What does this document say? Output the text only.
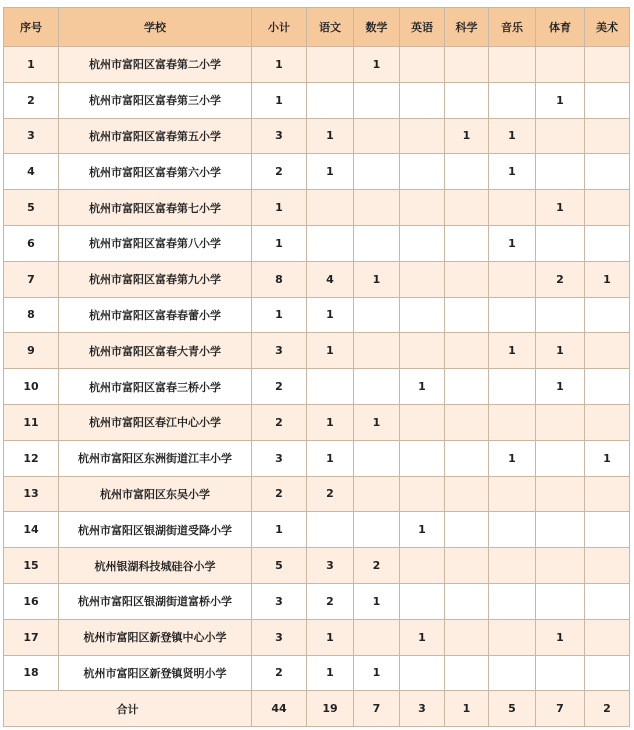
序号	学校	小计	语文	数学	英语	科学	音乐	体育	美术
1	杭州市富阳区富春第二小学	1		1					
2	杭州市富阳区富春第三小学	1						1	
3	杭州市富阳区富春第五小学	3	1			1	1		
4	杭州市富阳区富春第六小学	2	1				1		
5	杭州市富阳区富春第七小学	1						1	
6	杭州市富阳区富春第八小学	1					1		
7	杭州市富阳区富春第九小学	8	4	1				2	1
8	杭州市富阳区富春春蕾小学	1	1						
9	杭州市富阳区富春大青小学	3	1				1	1	
10	杭州市富阳区富春三桥小学	2			1			1	
11	杭州市富阳区春江中心小学	2	1	1					
12	杭州市富阳区东洲街道江丰小学	3	1				1		1
13	杭州市富阳区东吴小学	2	2						
14	杭州市富阳区银湖街道受降小学	1			1				
15	杭州银湖科技城硅谷小学	5	3	2					
16	杭州市富阳区银湖街道富桥小学	3	2	1					
17	杭州市富阳区新登镇中心小学	3	1		1			1	
18	杭州市富阳区新登镇贤明小学	2	1	1					
合计		44	19	7	3	1	5	7	2
